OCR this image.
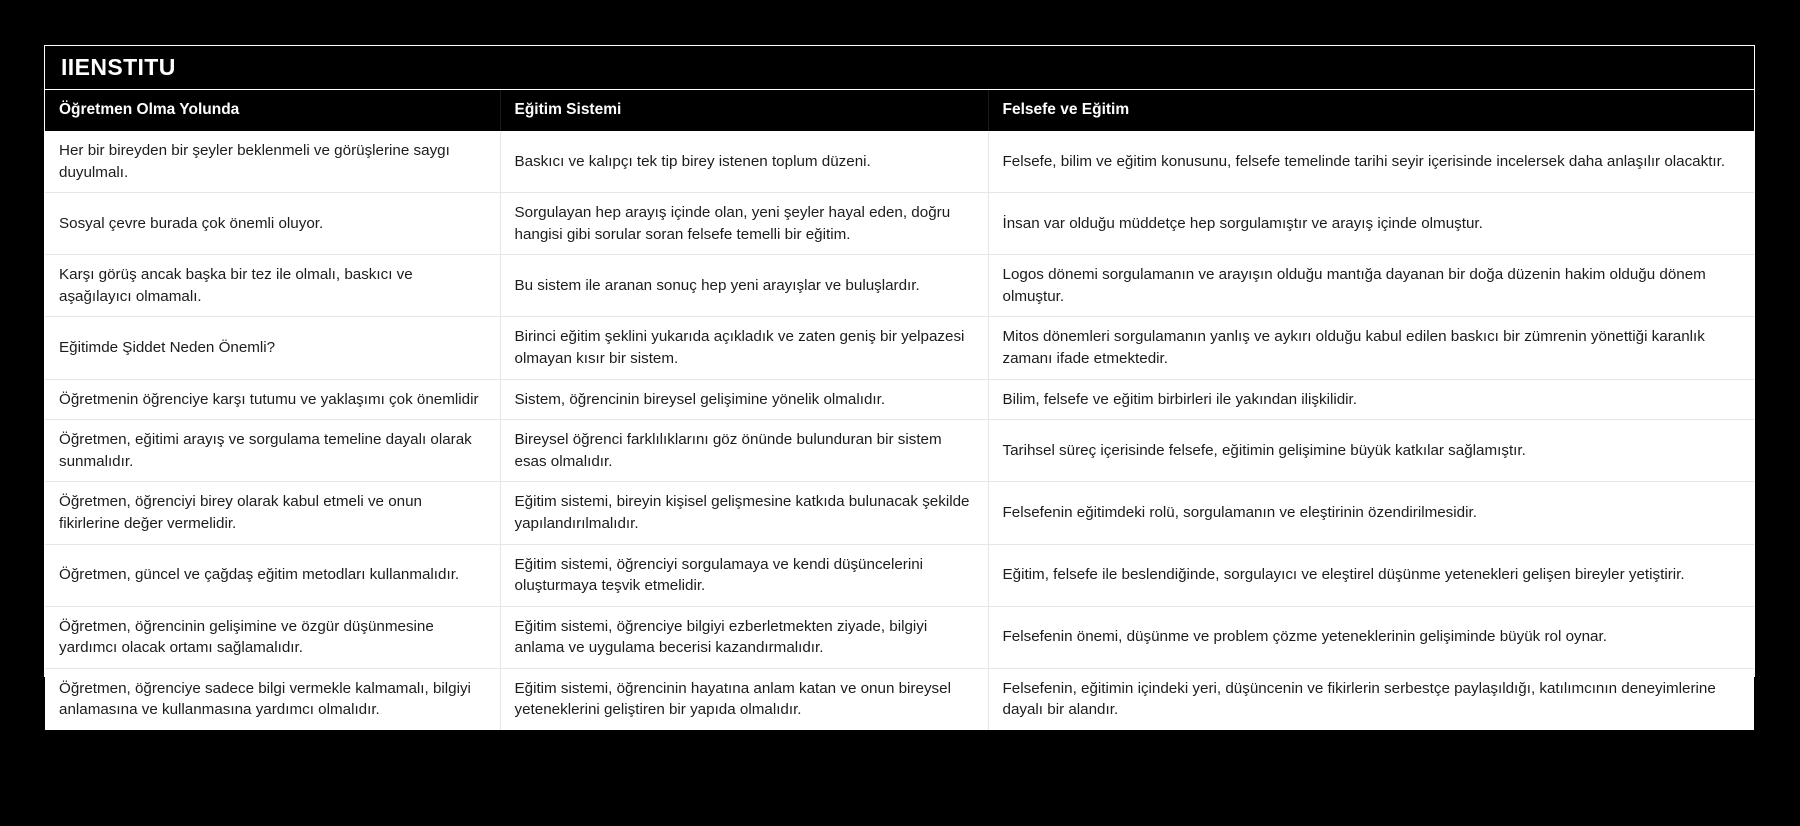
IIENSTITU
Öğretmen Olma Yolunda	Eğitim Sistemi	Felsefe ve Eğitim
Her bir bireyden bir şeyler beklenmeli ve görüşlerine saygı duyulmalı.	Baskıcı ve kalıpçı tek tip birey istenen toplum düzeni.	Felsefe, bilim ve eğitim konusunu, felsefe temelinde tarihi seyir içerisinde incelersek daha anlaşılır olacaktır.
Sosyal çevre burada çok önemli oluyor.	Sorgulayan hep arayış içinde olan, yeni şeyler hayal eden, doğru hangisi gibi sorular soran felsefe temelli bir eğitim.	İnsan var olduğu müddetçe hep sorgulamıştır ve arayış içinde olmuştur.
Karşı görüş ancak başka bir tez ile olmalı, baskıcı ve aşağılayıcı olmamalı.	Bu sistem ile aranan sonuç hep yeni arayışlar ve buluşlardır.	Logos dönemi sorgulamanın ve arayışın olduğu mantığa dayanan bir doğa düzenin hakim olduğu dönem olmuştur.
Eğitimde Şiddet Neden Önemli?	Birinci eğitim şeklini yukarıda açıkladık ve zaten geniş bir yelpazesi olmayan kısır bir sistem.	Mitos dönemleri sorgulamanın yanlış ve aykırı olduğu kabul edilen baskıcı bir zümrenin yönettiği karanlık zamanı ifade etmektedir.
Öğretmenin öğrenciye karşı tutumu ve yaklaşımı çok önemlidir	Sistem, öğrencinin bireysel gelişimine yönelik olmalıdır.	Bilim, felsefe ve eğitim birbirleri ile yakından ilişkilidir.
Öğretmen, eğitimi arayış ve sorgulama temeline dayalı olarak sunmalıdır.	Bireysel öğrenci farklılıklarını göz önünde bulunduran bir sistem esas olmalıdır.	Tarihsel süreç içerisinde felsefe, eğitimin gelişimine büyük katkılar sağlamıştır.
Öğretmen, öğrenciyi birey olarak kabul etmeli ve onun fikirlerine değer vermelidir.	Eğitim sistemi, bireyin kişisel gelişmesine katkıda bulunacak şekilde yapılandırılmalıdır.	Felsefenin eğitimdeki rolü, sorgulamanın ve eleştirinin özendirilmesidir.
Öğretmen, güncel ve çağdaş eğitim metodları kullanmalıdır.	Eğitim sistemi, öğrenciyi sorgulamaya ve kendi düşüncelerini oluşturmaya teşvik etmelidir.	Eğitim, felsefe ile beslendiğinde, sorgulayıcı ve eleştirel düşünme yetenekleri gelişen bireyler yetiştirir.
Öğretmen, öğrencinin gelişimine ve özgür düşünmesine yardımcı olacak ortamı sağlamalıdır.	Eğitim sistemi, öğrenciye bilgiyi ezberletmekten ziyade, bilgiyi anlama ve uygulama becerisi kazandırmalıdır.	Felsefenin önemi, düşünme ve problem çözme yeteneklerinin gelişiminde büyük rol oynar.
Öğretmen, öğrenciye sadece bilgi vermekle kalmamalı, bilgiyi anlamasına ve kullanmasına yardımcı olmalıdır.	Eğitim sistemi, öğrencinin hayatına anlam katan ve onun bireysel yeteneklerini geliştiren bir yapıda olmalıdır.	Felsefenin, eğitimin içindeki yeri, düşüncenin ve fikirlerin serbestçe paylaşıldığı, katılımcının deneyimlerine dayalı bir alandır.
